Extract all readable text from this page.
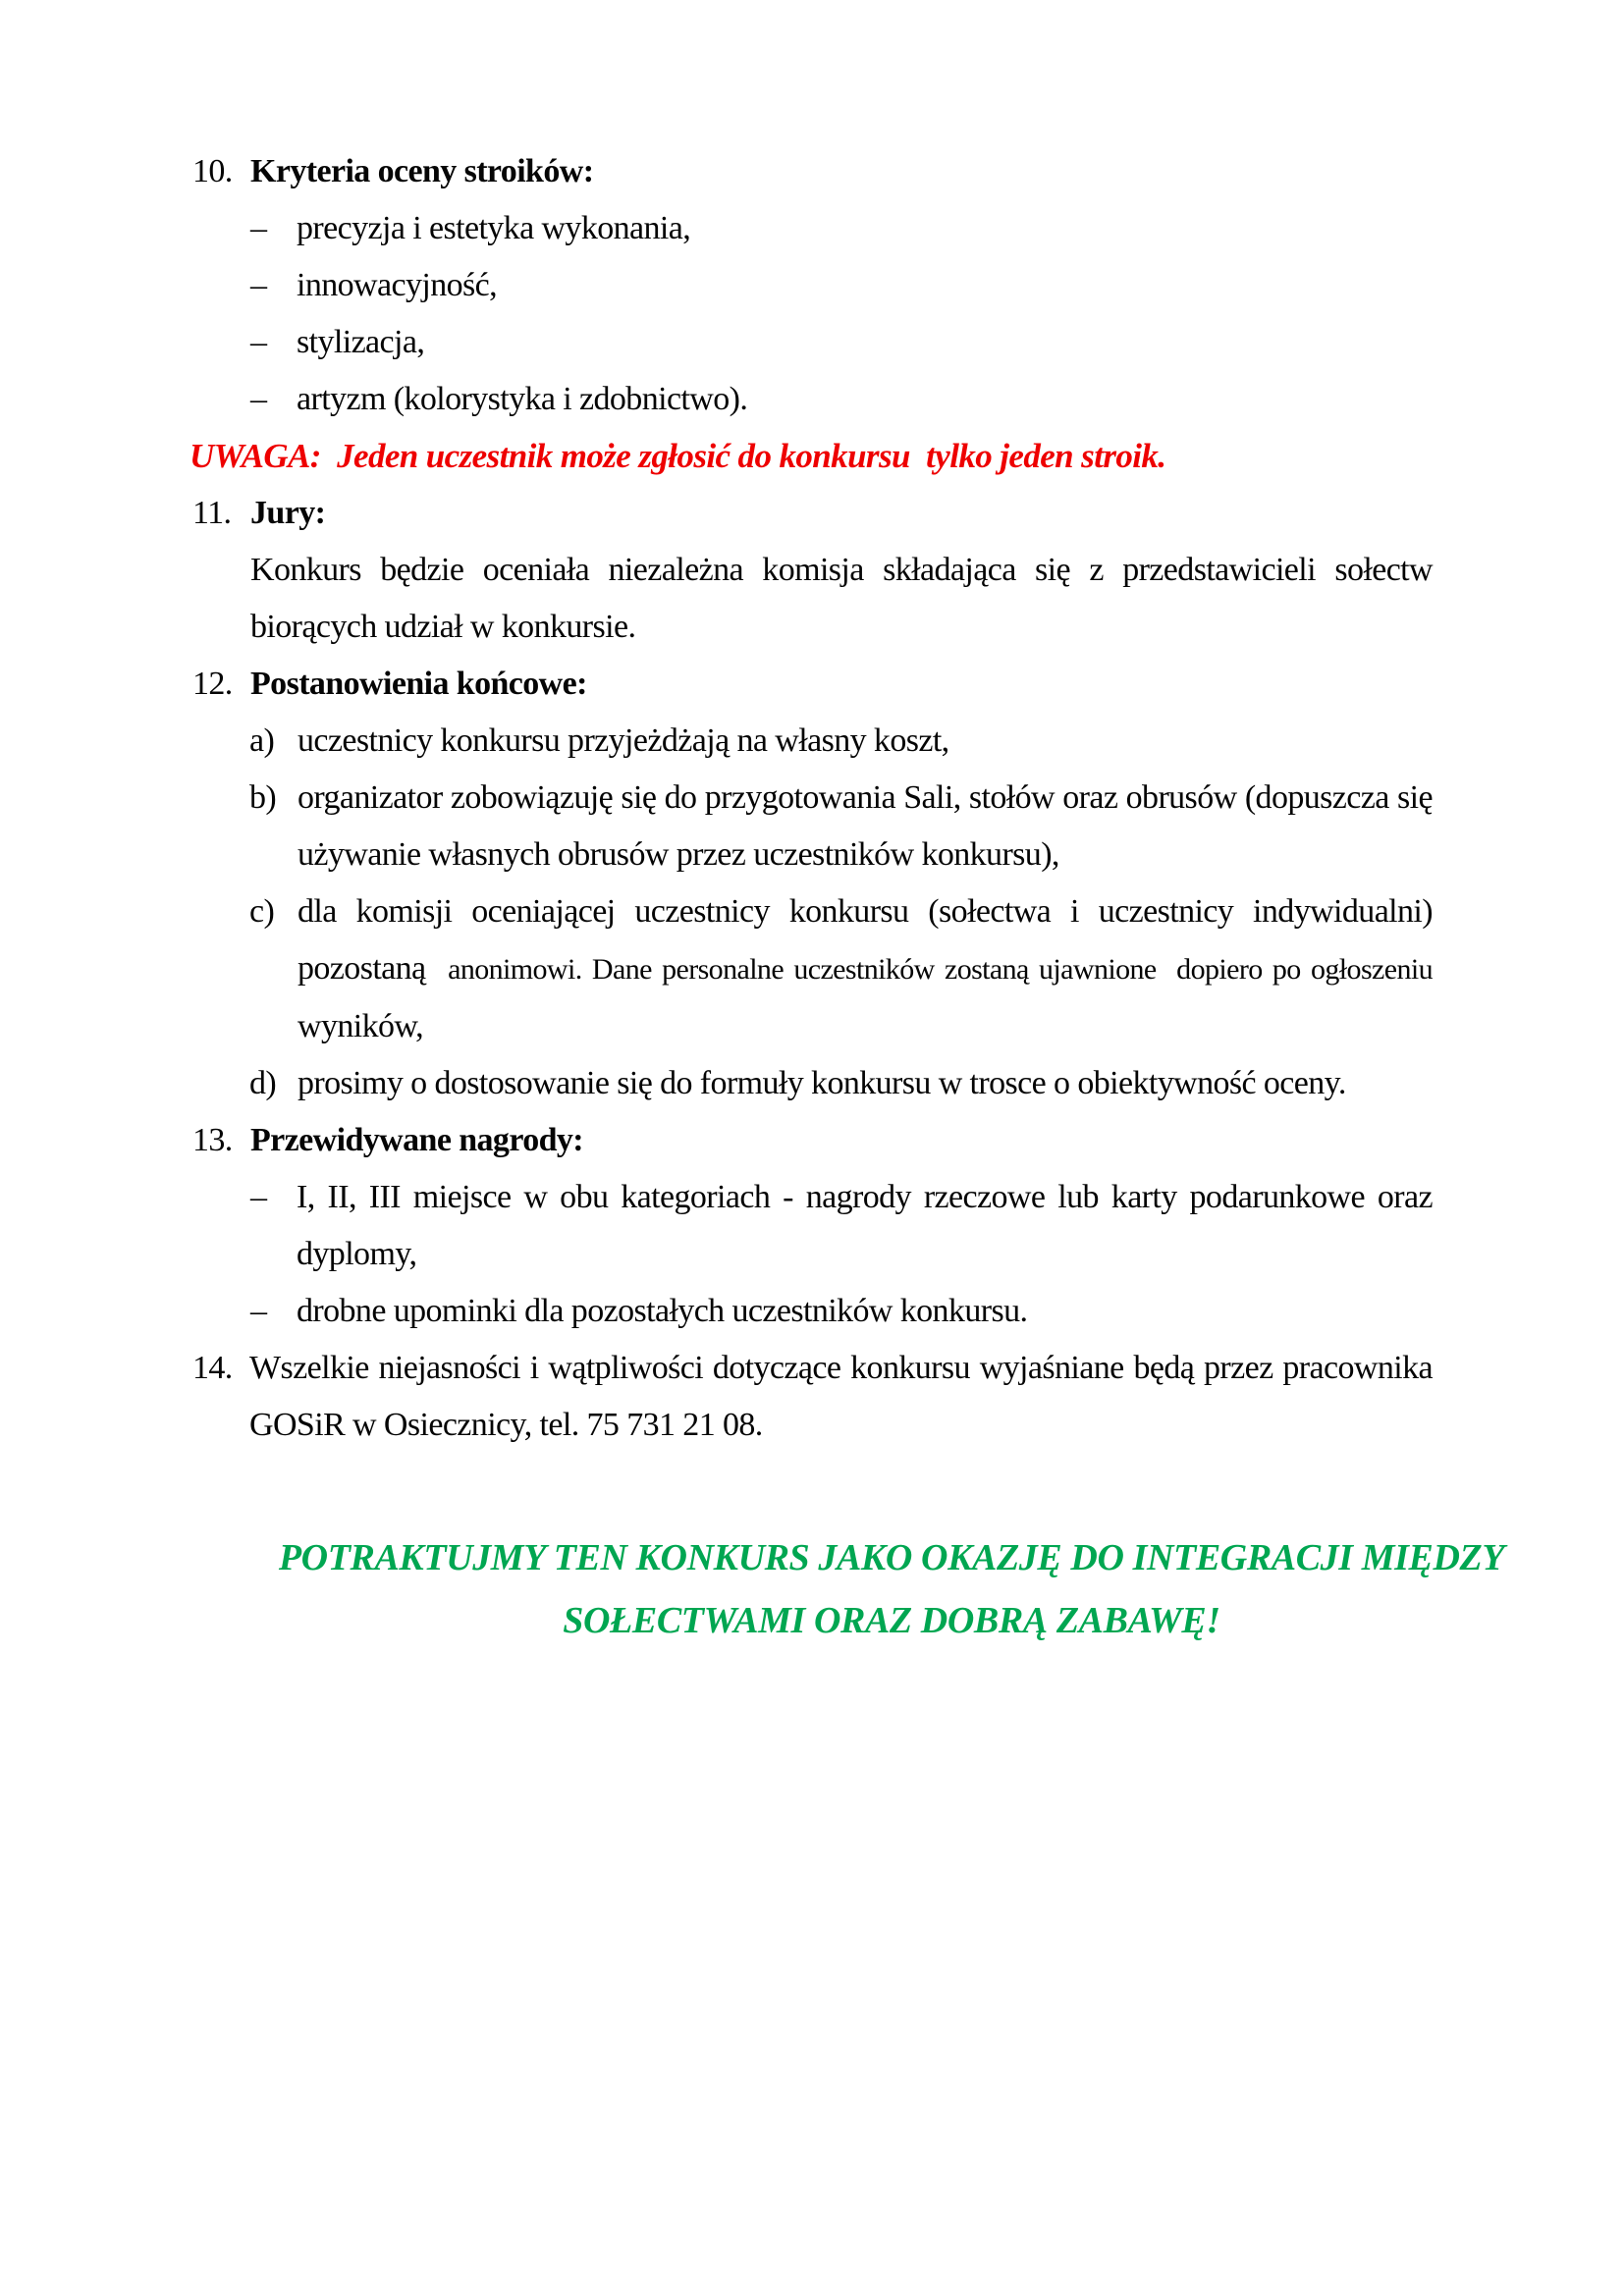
10. Kryteria oceny stroików:
– precyzja i estetyka wykonania,
– innowacyjność,
– stylizacja,
– artyzm (kolorystyka i zdobnictwo).
UWAGA:  Jeden uczestnik może zgłosić do konkursu  tylko jeden stroik.
11. Jury:
Konkurs będzie oceniała niezależna komisja składająca się z przedstawicieli sołectw biorących udział w konkursie.
12. Postanowienia końcowe:
a) uczestnicy konkursu przyjeżdżają na własny koszt,
b) organizator zobowiązuję się do przygotowania Sali, stołów oraz obrusów (dopuszcza się używanie własnych obrusów przez uczestników konkursu),
c) dla komisji oceniającej uczestnicy konkursu (sołectwa i uczestnicy indywidualni) pozostaną  anonimowi. Dane personalne uczestników zostaną ujawnione  dopiero po ogłoszeniu wyników,
d) prosimy o dostosowanie się do formuły konkursu w trosce o obiektywność oceny.
13. Przewidywane nagrody:
– I, II, III miejsce w obu kategoriach - nagrody rzeczowe lub karty podarunkowe oraz dyplomy,
– drobne upominki dla pozostałych uczestników konkursu.
14. Wszelkie niejasności i wątpliwości dotyczące konkursu wyjaśniane będą przez pracownika GOSiR w Osiecznicy, tel. 75 731 21 08.
POTRAKTUJMY TEN KONKURS JAKO OKAZJĘ DO INTEGRACJI MIĘDZY
SOŁECTWAMI ORAZ DOBRĄ ZABAWĘ!
